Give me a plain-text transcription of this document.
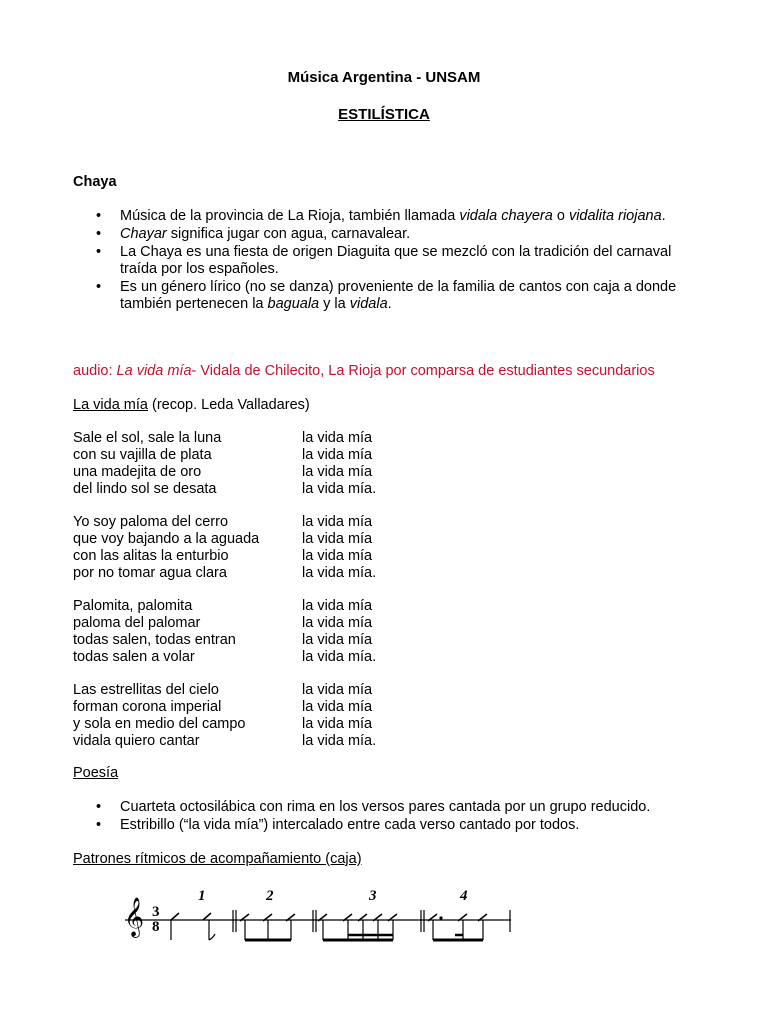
Música Argentina - UNSAM
ESTILÍSTICA
Chaya
• Música de la provincia de La Rioja, también llamada vidala chayera o vidalita riojana.
• Chayar significa jugar con agua, carnavalear.
• La Chaya es una fiesta de origen Diaguita que se mezcló con la tradición del carnaval traída por los españoles.
• Es un género lírico (no se danza) proveniente de la familia de cantos con caja a donde también pertenecen la baguala y la vidala.
audio: La vida mía- Vidala de Chilecito, La Rioja por comparsa de estudiantes secundarios
La vida mía (recop. Leda Valladares)
Sale el sol, sale la luna	la vida mía
con su vajilla de plata	la vida mía
una madejita de oro	la vida mía
del lindo sol se desata	la vida mía.
Yo soy paloma del cerro	la vida mía
que voy bajando a la aguada	la vida mía
con las alitas la enturbio	la vida mía
por no tomar agua clara	la vida mía.
Palomita, palomita	la vida mía
paloma del palomar	la vida mía
todas salen, todas entran	la vida mía
todas salen a volar	la vida mía.
Las estrellitas del cielo	la vida mía
forman corona imperial	la vida mía
y sola en medio del campo	la vida mía
vidala quiero cantar	la vida mía.
Poesía
• Cuarteta octosilábica con rima en los versos pares cantada por un grupo reducido.
• Estribillo (“la vida mía”) intercalado entre cada verso cantado por todos.
Patrones rítmicos de acompañamiento (caja)
𝄞 3
8
1	2	3	4
